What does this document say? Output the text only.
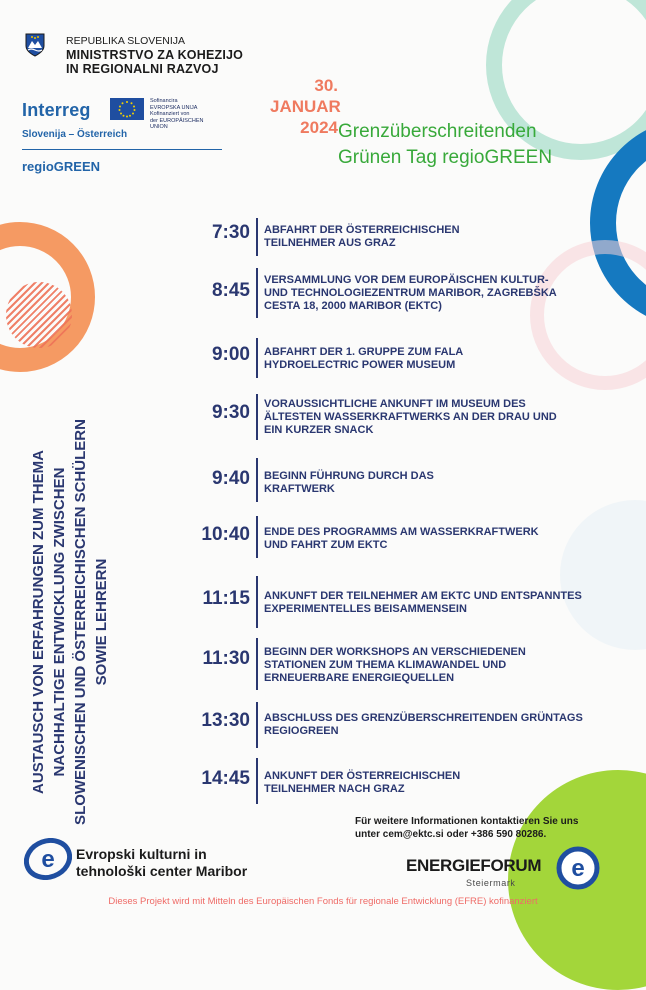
REPUBLIKA SLOVENIJA
MINISTRSTVO ZA KOHEZIJO
IN REGIONALNI RAZVOJ
Interreg	Sofinancira
EVROPSKA UNIJA
Kofinanziert von
der EUROPÄISCHEN UNION
Slovenija – Österreich
regioGREEN
30.
JANUAR
2024 Grenzüberschreitenden
Grünen Tag regioGREEN
7:30 ABFAHRT DER ÖSTERREICHISCHEN TEILNEHMER AUS GRAZ
8:45 VERSAMMLUNG VOR DEM EUROPÄISCHEN KULTUR- UND TECHNOLOGIEZENTRUM MARIBOR, ZAGREBŠKA CESTA 18, 2000 MARIBOR (EKTC)
9:00 ABFAHRT DER 1. GRUPPE ZUM FALA HYDROELECTRIC POWER MUSEUM
9:30 VORAUSSICHTLICHE ANKUNFT IM MUSEUM DES ÄLTESTEN WASSERKRAFTWERKS AN DER DRAU UND EIN KURZER SNACK
9:40 BEGINN FÜHRUNG DURCH DAS KRAFTWERK
10:40 ENDE DES PROGRAMMS AM WASSERKRAFTWERK UND FAHRT ZUM EKTC
11:15 ANKUNFT DER TEILNEHMER AM EKTC UND ENTSPANNTES EXPERIMENTELLES BEISAMMENSEIN
11:30 BEGINN DER WORKSHOPS AN VERSCHIEDENEN STATIONEN ZUM THEMA KLIMAWANDEL UND ERNEUERBARE ENERGIEQUELLEN
13:30 ABSCHLUSS DES GRENZÜBERSCHREITENDEN GRÜNTAGS REGIOGREEN
14:45 ANKUNFT DER ÖSTERREICHISCHEN TEILNEHMER NACH GRAZ
AUSTAUSCH VON ERFAHRUNGEN ZUM THEMA NACHHALTIGE ENTWICKLUNG ZWISCHEN SLOWENISCHEN UND ÖSTERREICHISCHEN SCHÜLERN SOWIE LEHRERN
Für weitere Informationen kontaktieren Sie uns
unter cem@ektc.si oder +386 590 80286.
e Evropski kulturni in
tehnološki center Maribor	ENERGIEFORUM
Steiermark
e
Dieses Projekt wird mit Mitteln des Europäischen Fonds für regionale Entwicklung (EFRE) kofinanziert
